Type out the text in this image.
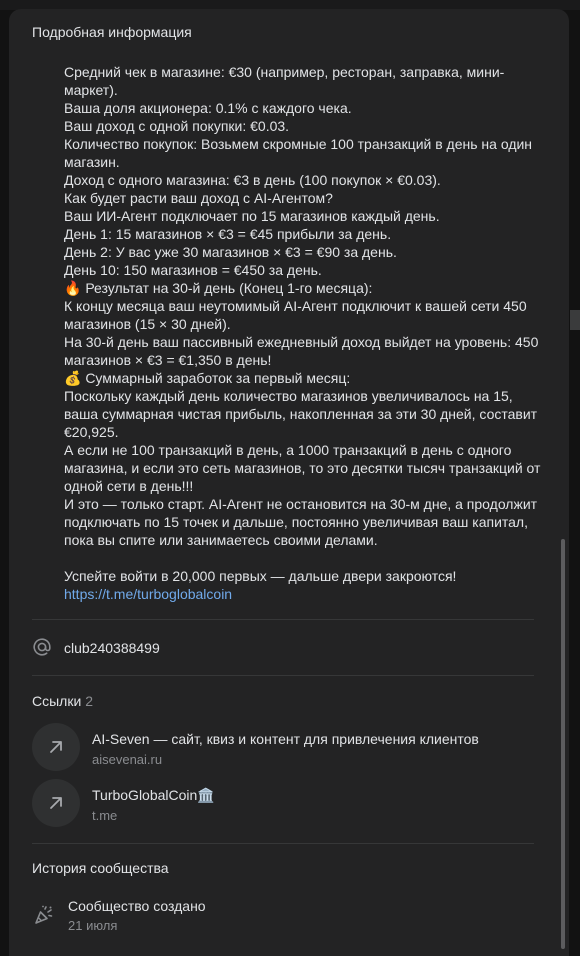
Подробная информация

Средний чек в магазине: €30 (например, ресторан, заправка, мини-маркет).

Ваша доля акционера: 0.1% с каждого чека.

Ваш доход с одной покупки: €0.03.

Количество покупок: Возьмем скромные 100 транзакций в день на один магазин.

Доход с одного магазина: €3 в день (100 покупок × €0.03).

Как будет расти ваш доход с AI-Агентом?

Ваш ИИ-Агент подключает по 15 магазинов каждый день.

День 1: 15 магазинов × €3 = €45 прибыли за день.

День 2: У вас уже 30 магазинов × €3 = €90 за день.

День 10: 150 магазинов = €450 за день.

🔥 Результат на 30-й день (Конец 1-го месяца):

К концу месяца ваш неутомимый AI-Агент подключит к вашей сети 450 магазинов (15 × 30 дней).

На 30-й день ваш пассивный ежедневный доход выйдет на уровень: 450 магазинов × €3 = €1,350 в день!

💰 Суммарный заработок за первый месяц:

Поскольку каждый день количество магазинов увеличивалось на 15, ваша суммарная чистая прибыль, накопленная за эти 30 дней, составит €20,925.

А если не 100 транзакций в день, а 1000 транзакций в день с одного магазина, и если это сеть магазинов, то это десятки тысяч транзакций от одной сети в день!!!

И это — только старт. AI-Агент не остановится на 30-м дне, а продолжит подключать по 15 точек и дальше, постоянно увеличивая ваш капитал, пока вы спите или занимаетесь своими делами.

Успейте войти в 20,000 первых — дальше двери закроются!

https://t.me/turboglobalcoin

club240388499
Ссылки 2
AI-Seven — сайт, квиз и контент для привлечения клиентов
aisevenai.ru
TurboGlobalCoin🏛️
t.me
История сообщества
Сообщество создано
21 июля
